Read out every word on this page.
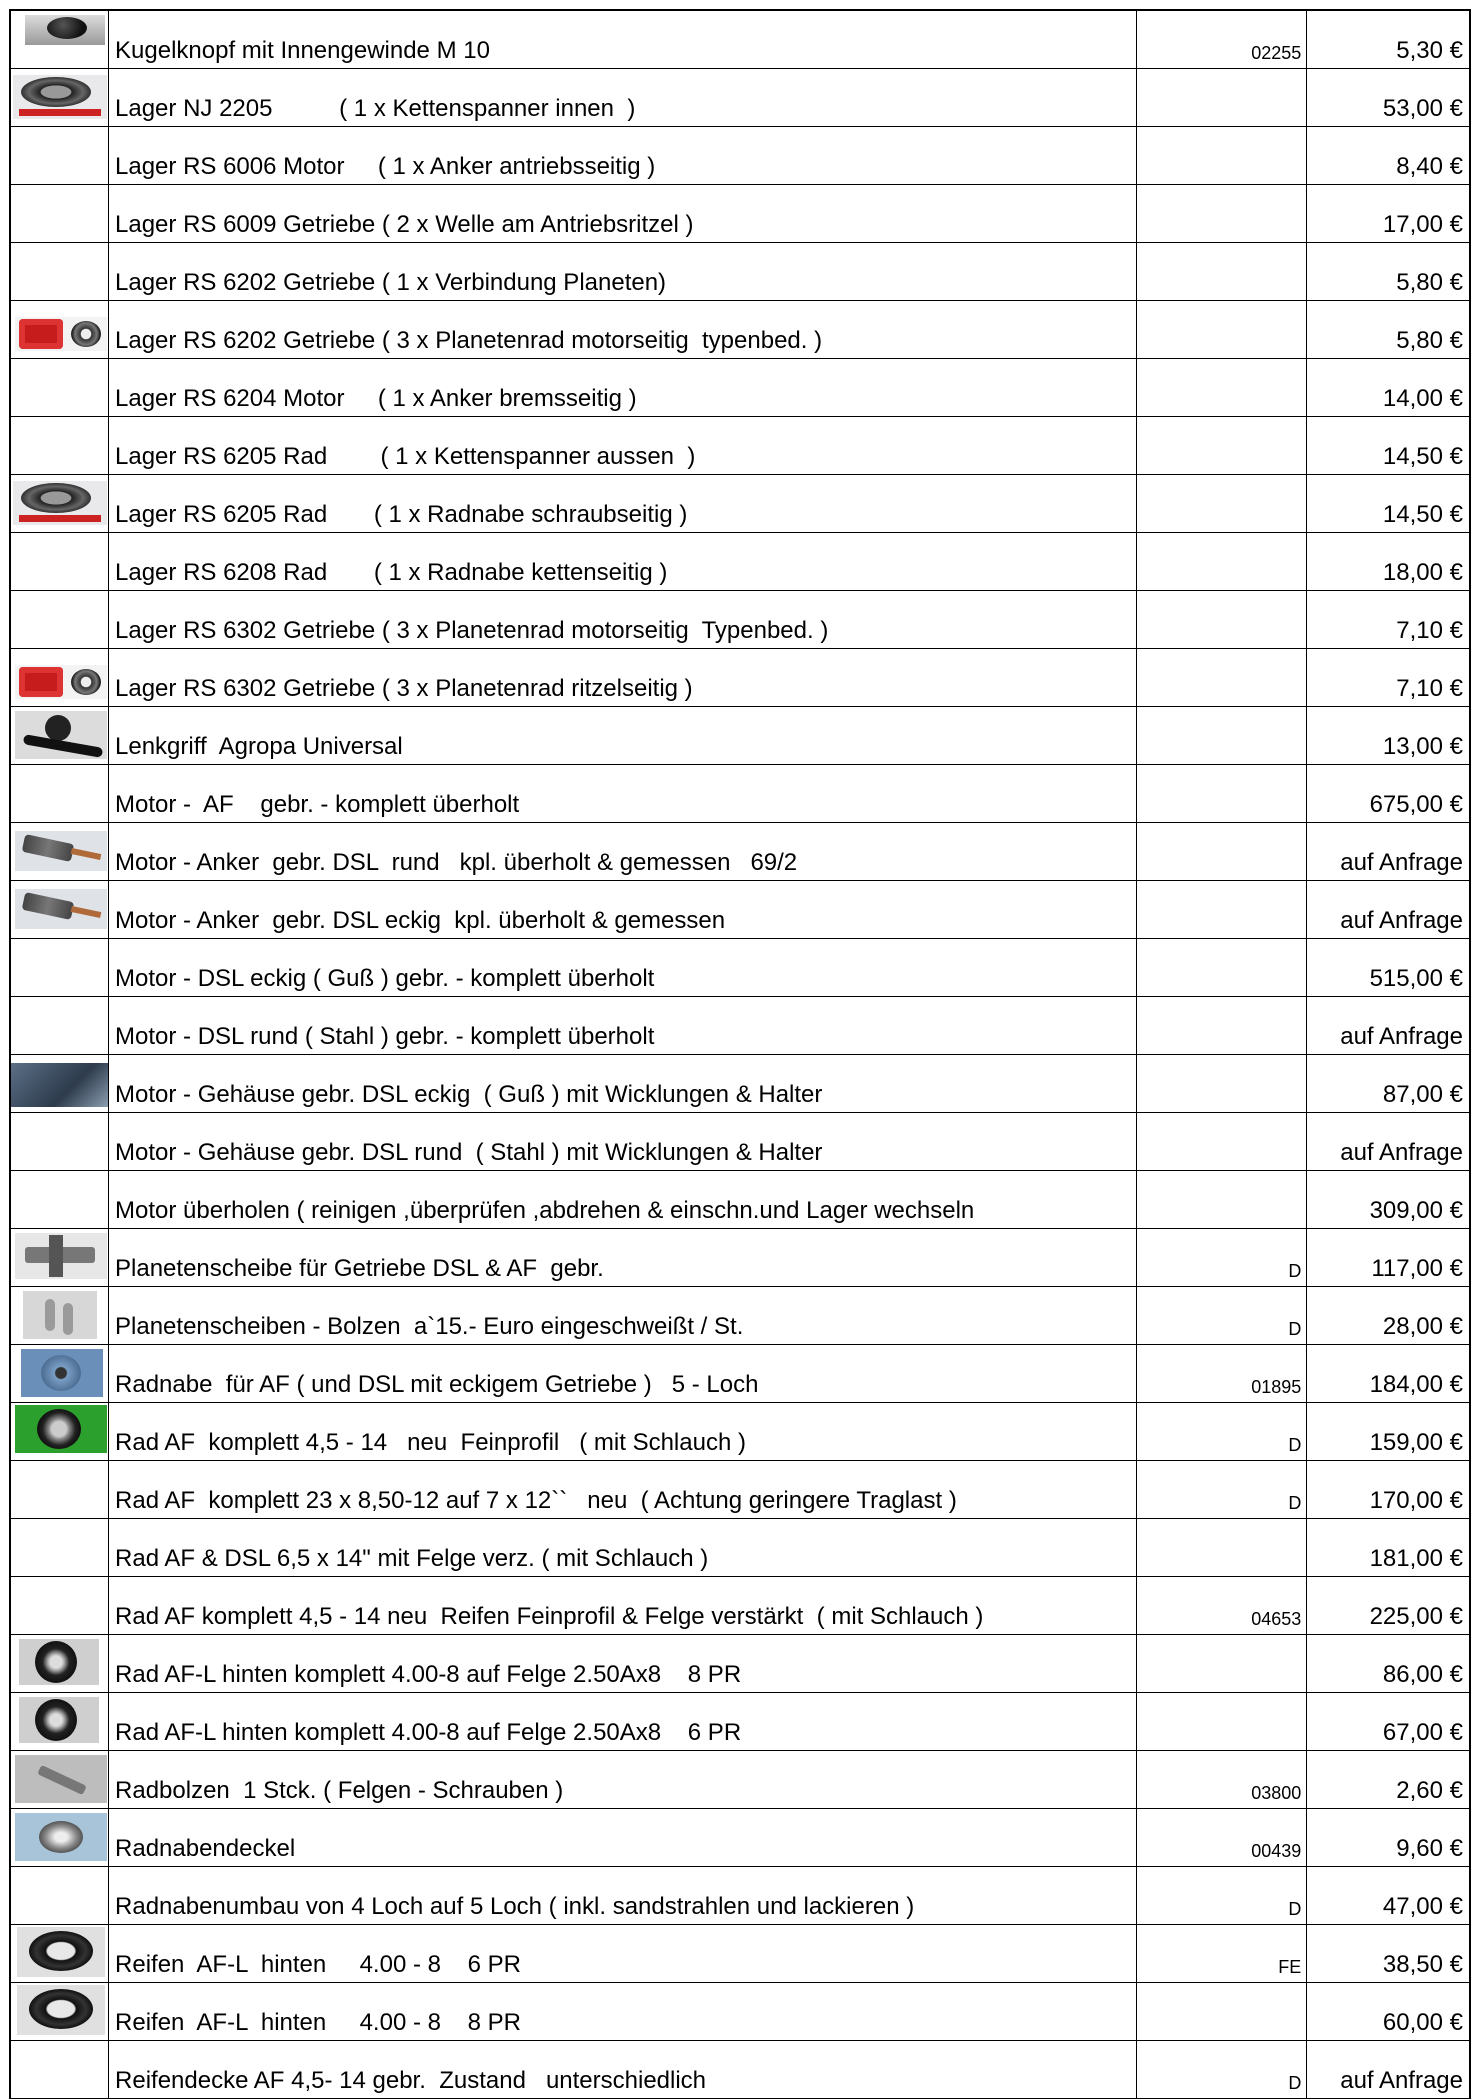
	Kugelknopf mit Innengewinde M 10	02255	5,30 €

	Lager NJ 2205          ( 1 x Kettenspanner innen  )		53,00 €
	Lager RS 6006 Motor     ( 1 x Anker antriebsseitig )		8,40 €
	Lager RS 6009 Getriebe ( 2 x Welle am Antriebsritzel )		17,00 €
	Lager RS 6202 Getriebe ( 1 x Verbindung Planeten)		5,80 €

	Lager RS 6202 Getriebe ( 3 x Planetenrad motorseitig  typenbed. )		5,80 €
	Lager RS 6204 Motor     ( 1 x Anker bremsseitig )		14,00 €
	Lager RS 6205 Rad        ( 1 x Kettenspanner aussen  )		14,50 €

	Lager RS 6205 Rad       ( 1 x Radnabe schraubseitig )		14,50 €
	Lager RS 6208 Rad       ( 1 x Radnabe kettenseitig )		18,00 €
	Lager RS 6302 Getriebe ( 3 x Planetenrad motorseitig  Typenbed. )		7,10 €

	Lager RS 6302 Getriebe ( 3 x Planetenrad ritzelseitig )		7,10 €

	Lenkgriff  Agropa Universal		13,00 €
	Motor -  AF    gebr. - komplett überholt		675,00 €

	Motor - Anker  gebr. DSL  rund   kpl. überholt & gemessen   69/2		auf Anfrage

	Motor - Anker  gebr. DSL eckig  kpl. überholt & gemessen		auf Anfrage
	Motor - DSL eckig ( Guß ) gebr. - komplett überholt		515,00 €
	Motor - DSL rund ( Stahl ) gebr. - komplett überholt		auf Anfrage

	Motor - Gehäuse gebr. DSL eckig  ( Guß ) mit Wicklungen & Halter		87,00 €
	Motor - Gehäuse gebr. DSL rund  ( Stahl ) mit Wicklungen & Halter		auf Anfrage
	Motor überholen ( reinigen ,überprüfen ,abdrehen & einschn.und Lager wechseln		309,00 €

	Planetenscheibe für Getriebe DSL & AF  gebr.	D	117,00 €

	Planetenscheiben - Bolzen  a`15.- Euro eingeschweißt / St.	D	28,00 €

	Radnabe  für AF ( und DSL mit eckigem Getriebe )   5 - Loch	01895	184,00 €

	Rad AF  komplett 4,5 - 14   neu  Feinprofil   ( mit Schlauch )	D	159,00 €
	Rad AF  komplett 23 x 8,50-12 auf 7 x 12``   neu  ( Achtung geringere Traglast )	D	170,00 €
	Rad AF & DSL 6,5 x 14" mit Felge verz. ( mit Schlauch )		181,00 €
	Rad AF komplett 4,5 - 14 neu  Reifen Feinprofil & Felge verstärkt  ( mit Schlauch )	04653	225,00 €

	Rad AF-L hinten komplett 4.00-8 auf Felge 2.50Ax8    8 PR		86,00 €

	Rad AF-L hinten komplett 4.00-8 auf Felge 2.50Ax8    6 PR		67,00 €

	Radbolzen  1 Stck. ( Felgen - Schrauben )	03800	2,60 €

	Radnabendeckel	00439	9,60 €
	Radnabenumbau von 4 Loch auf 5 Loch ( inkl. sandstrahlen und lackieren )	D	47,00 €

	Reifen  AF-L  hinten     4.00 - 8    6 PR	FE	38,50 €

	Reifen  AF-L  hinten     4.00 - 8    8 PR		60,00 €
	Reifendecke AF 4,5- 14 gebr.  Zustand   unterschiedlich	D	auf Anfrage
